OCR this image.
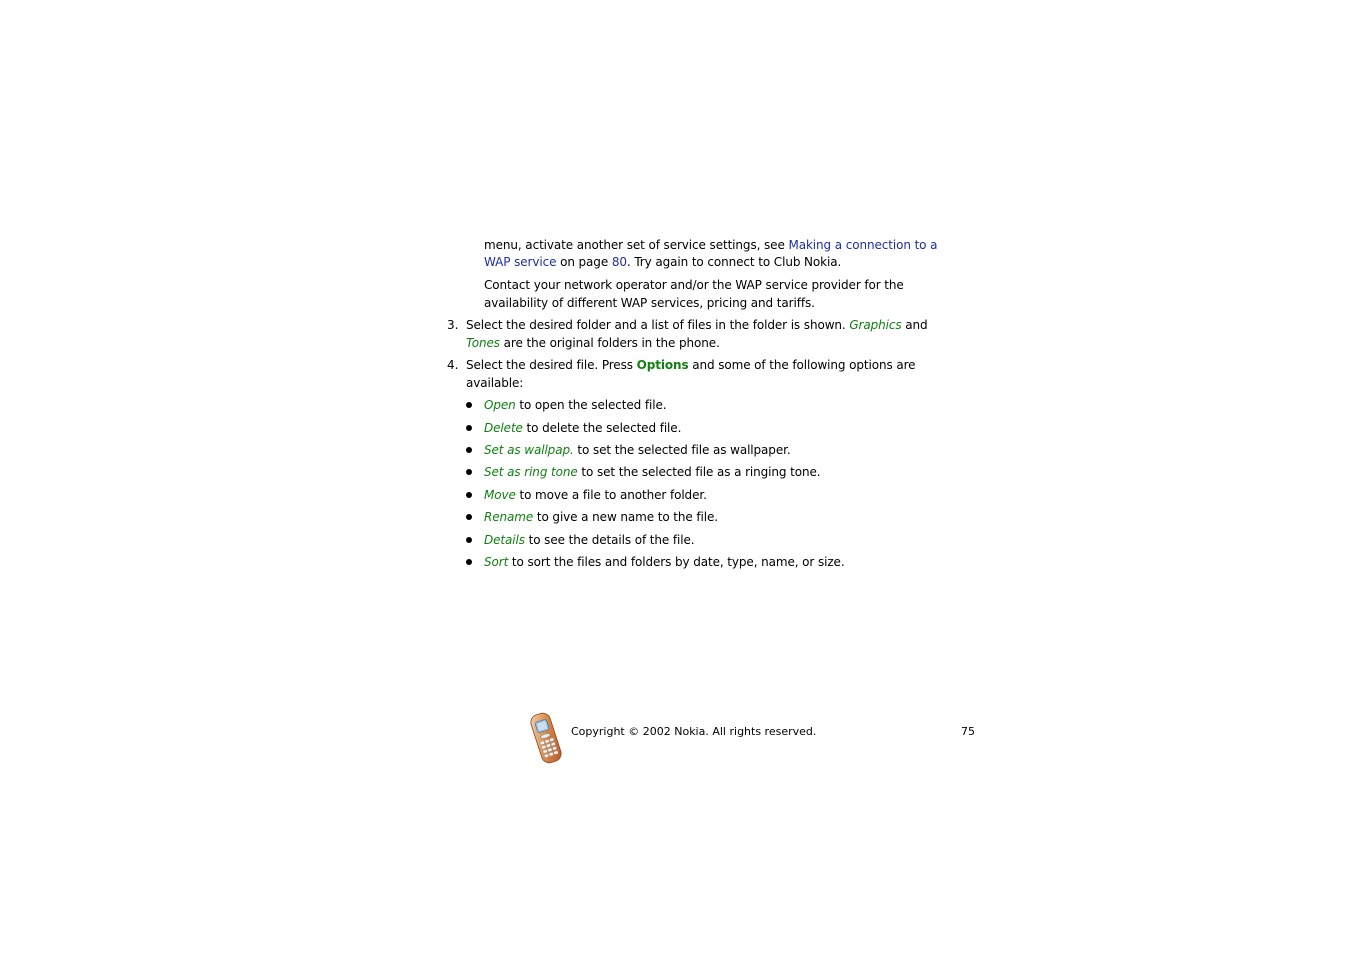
menu, activate another set of service settings, see Making a connection to a
WAP service on page 80. Try again to connect to Club Nokia.
Contact your network operator and/or the WAP service provider for the
availability of different WAP services, pricing and tariffs.
3. Select the desired folder and a list of files in the folder is shown. Graphics and
Tones are the original folders in the phone.
4. Select the desired file. Press Options and some of the following options are
available:
Open to open the selected file.
Delete to delete the selected file.
Set as wallpap. to set the selected file as wallpaper.
Set as ring tone to set the selected file as a ringing tone.
Move to move a file to another folder.
Rename to give a new name to the file.
Details to see the details of the file.
Sort to sort the files and folders by date, type, name, or size.
Copyright © 2002 Nokia. All rights reserved.	75
